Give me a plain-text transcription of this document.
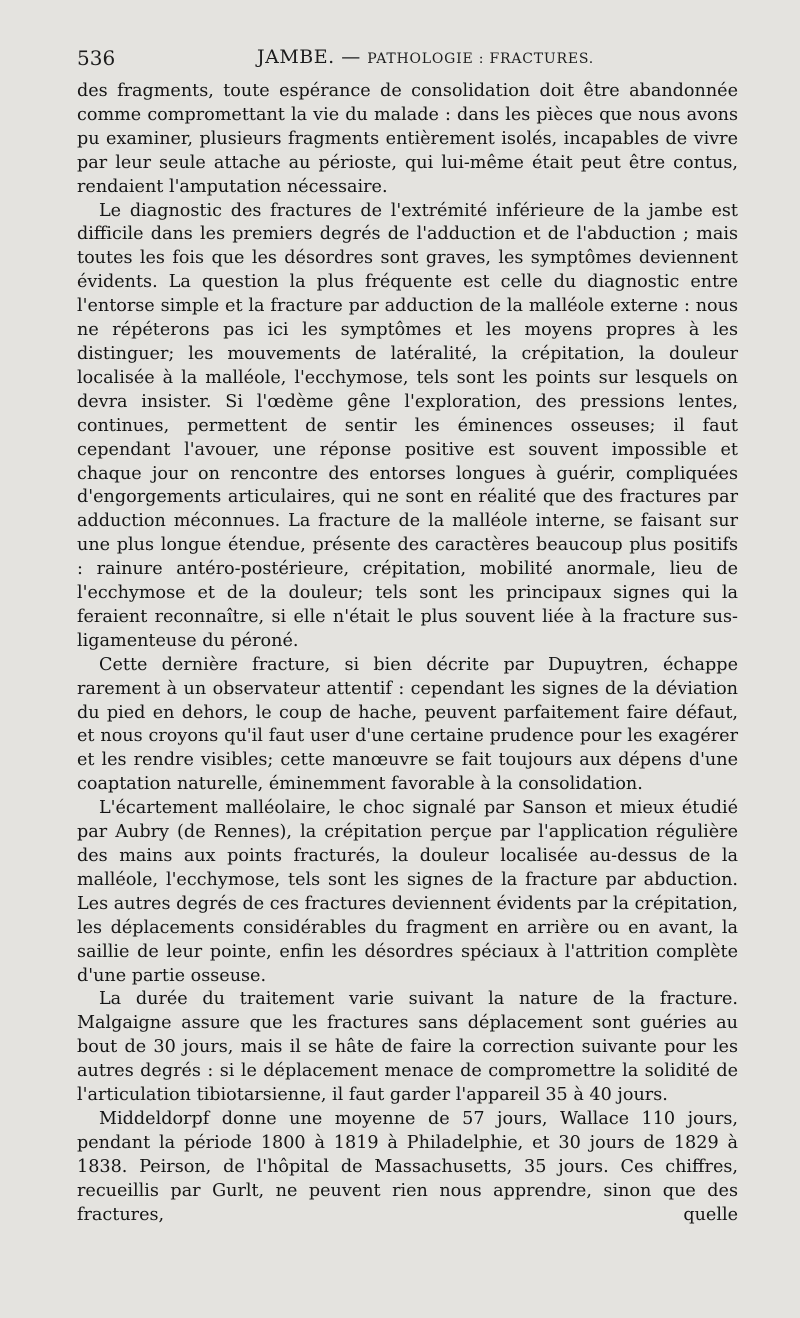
536	JAMBE. — PATHOLOGIE : FRACTURES.

des fragments, toute espérance de consolidation doit être abandonnée comme compromettant la vie du malade : dans les pièces que nous avons pu examiner, plusieurs fragments entièrement isolés, incapables de vivre par leur seule attache au périoste, qui lui-même était peut être contus, rendaient l'amputation nécessaire.

Le diagnostic des fractures de l'extrémité inférieure de la jambe est difficile dans les premiers degrés de l'adduction et de l'abduction ; mais toutes les fois que les désordres sont graves, les symptômes deviennent évidents. La question la plus fréquente est celle du diagnostic entre l'entorse simple et la fracture par adduction de la malléole externe : nous ne répéterons pas ici les symptômes et les moyens propres à les distinguer; les mouvements de latéralité, la crépitation, la douleur localisée à la malléole, l'ecchymose, tels sont les points sur lesquels on devra insister. Si l'œdème gêne l'exploration, des pressions lentes, continues, permettent de sentir les éminences osseuses; il faut cependant l'avouer, une réponse positive est souvent impossible et chaque jour on rencontre des entorses longues à guérir, compliquées d'engorgements articulaires, qui ne sont en réalité que des fractures par adduction méconnues. La fracture de la malléole interne, se faisant sur une plus longue étendue, présente des caractères beaucoup plus positifs : rainure antéro-postérieure, crépitation, mobilité anormale, lieu de l'ecchymose et de la douleur; tels sont les principaux signes qui la feraient reconnaître, si elle n'était le plus souvent liée à la fracture sus-ligamenteuse du péroné.

Cette dernière fracture, si bien décrite par Dupuytren, échappe rarement à un observateur attentif : cependant les signes de la déviation du pied en dehors, le coup de hache, peuvent parfaitement faire défaut, et nous croyons qu'il faut user d'une certaine prudence pour les exagérer et les rendre visibles; cette manœuvre se fait toujours aux dépens d'une coaptation naturelle, éminemment favorable à la consolidation.

L'écartement malléolaire, le choc signalé par Sanson et mieux étudié par Aubry (de Rennes), la crépitation perçue par l'application régulière des mains aux points fracturés, la douleur localisée au-dessus de la malléole, l'ecchymose, tels sont les signes de la fracture par abduction. Les autres degrés de ces fractures deviennent évidents par la crépitation, les déplacements considérables du fragment en arrière ou en avant, la saillie de leur pointe, enfin les désordres spéciaux à l'attrition complète d'une partie osseuse.

La durée du traitement varie suivant la nature de la fracture. Malgaigne assure que les fractures sans déplacement sont guéries au bout de 30 jours, mais il se hâte de faire la correction suivante pour les autres degrés : si le déplacement menace de compromettre la solidité de l'articulation tibiotarsienne, il faut garder l'appareil 35 à 40 jours.

Middeldorpf donne une moyenne de 57 jours, Wallace 110 jours, pendant la période 1800 à 1819 à Philadelphie, et 30 jours de 1829 à 1838. Peirson, de l'hôpital de Massachusetts, 35 jours. Ces chiffres, recueillis par Gurlt, ne peuvent rien nous apprendre, sinon que des fractures, quelle
